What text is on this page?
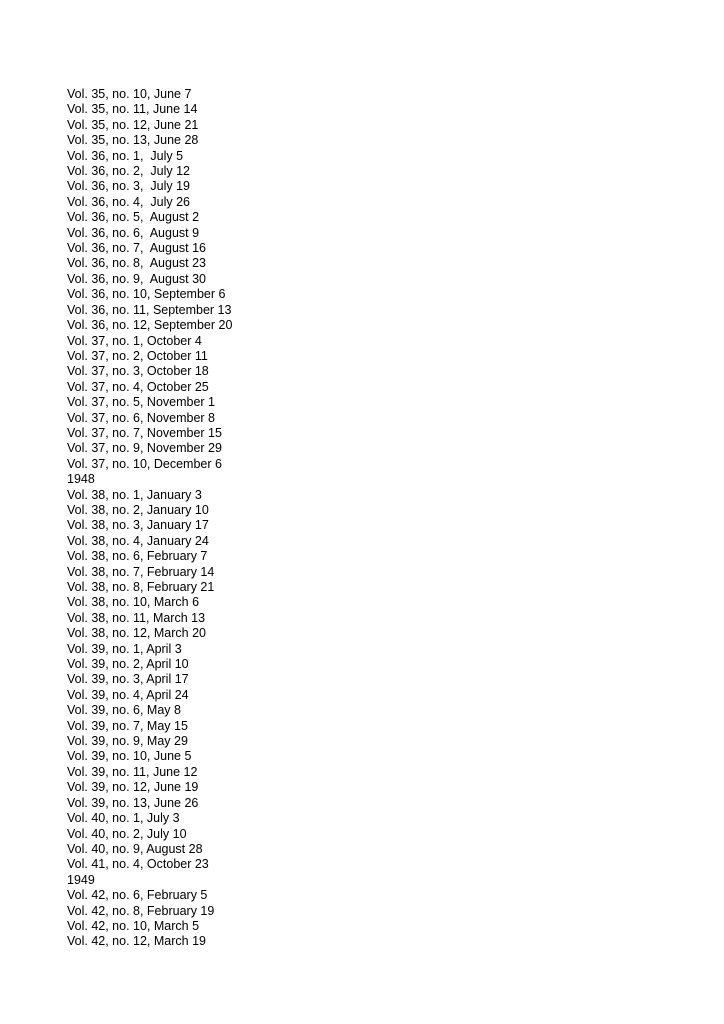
Vol. 35, no. 10, June 7
Vol. 35, no. 11, June 14
Vol. 35, no. 12, June 21
Vol. 35, no. 13, June 28
Vol. 36, no. 1,  July 5
Vol. 36, no. 2,  July 12
Vol. 36, no. 3,  July 19
Vol. 36, no. 4,  July 26
Vol. 36, no. 5,  August 2
Vol. 36, no. 6,  August 9
Vol. 36, no. 7,  August 16
Vol. 36, no. 8,  August 23
Vol. 36, no. 9,  August 30
Vol. 36, no. 10, September 6
Vol. 36, no. 11, September 13
Vol. 36, no. 12, September 20
Vol. 37, no. 1, October 4
Vol. 37, no. 2, October 11
Vol. 37, no. 3, October 18
Vol. 37, no. 4, October 25
Vol. 37, no. 5, November 1
Vol. 37, no. 6, November 8
Vol. 37, no. 7, November 15
Vol. 37, no. 9, November 29
Vol. 37, no. 10, December 6
1948
Vol. 38, no. 1, January 3
Vol. 38, no. 2, January 10
Vol. 38, no. 3, January 17
Vol. 38, no. 4, January 24
Vol. 38, no. 6, February 7
Vol. 38, no. 7, February 14
Vol. 38, no. 8, February 21
Vol. 38, no. 10, March 6
Vol. 38, no. 11, March 13
Vol. 38, no. 12, March 20
Vol. 39, no. 1, April 3
Vol. 39, no. 2, April 10
Vol. 39, no. 3, April 17
Vol. 39, no. 4, April 24
Vol. 39, no. 6, May 8
Vol. 39, no. 7, May 15
Vol. 39, no. 9, May 29
Vol. 39, no. 10, June 5
Vol. 39, no. 11, June 12
Vol. 39, no. 12, June 19
Vol. 39, no. 13, June 26
Vol. 40, no. 1, July 3
Vol. 40, no. 2, July 10
Vol. 40, no. 9, August 28
Vol. 41, no. 4, October 23
1949
Vol. 42, no. 6, February 5
Vol. 42, no. 8, February 19
Vol. 42, no. 10, March 5
Vol. 42, no. 12, March 19
